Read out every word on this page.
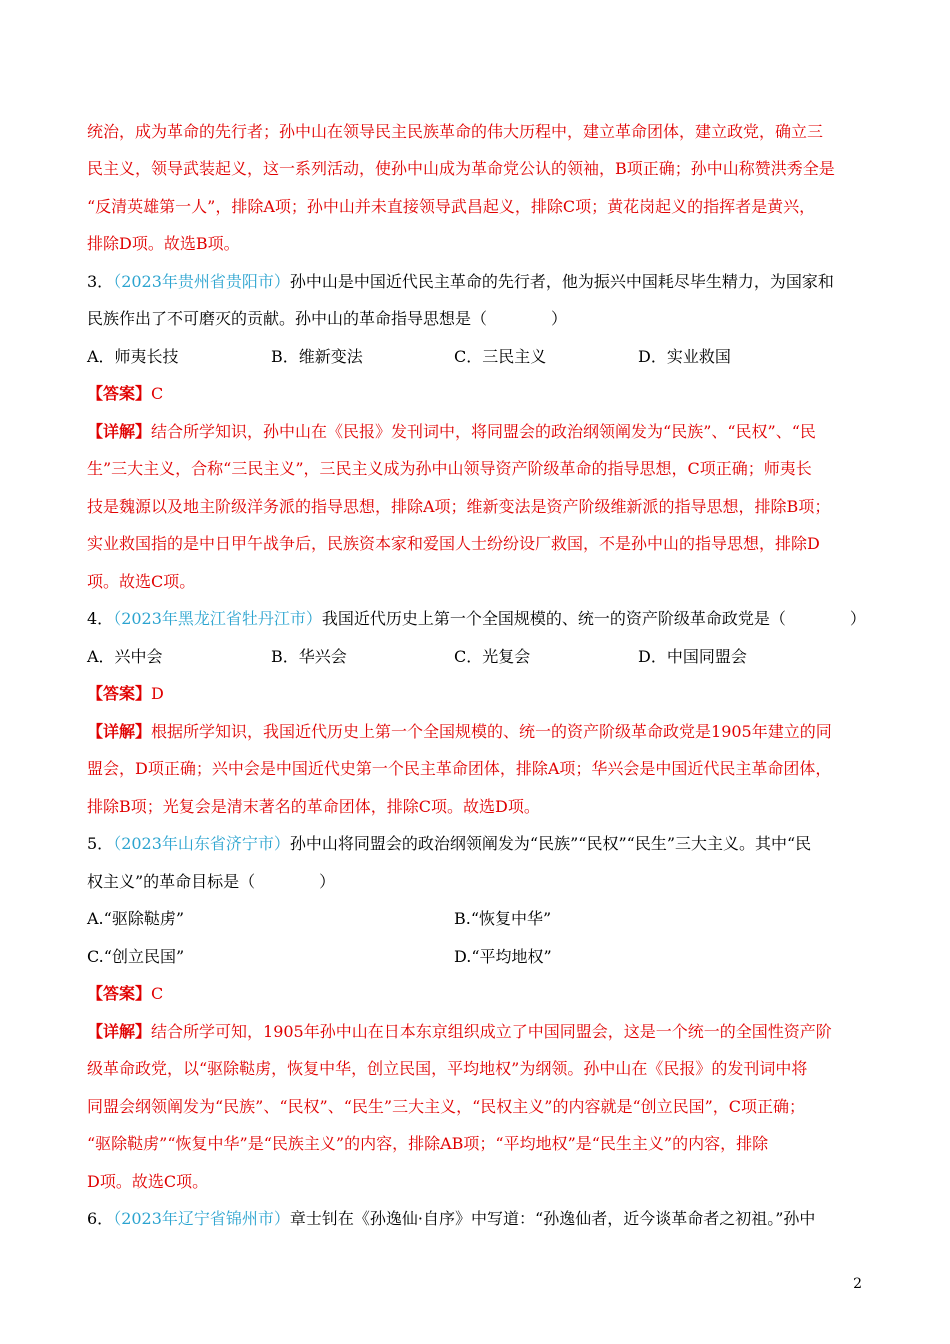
统治，成为革命的先行者；孙中山在领导民主民族革命的伟大历程中，建立革命团体，建立政党，确立三
民主义，领导武装起义，这一系列活动，使孙中山成为革命党公认的领袖，B项正确；孙中山称赞洪秀全是
“反清英雄第一人”，排除A项；孙中山并未直接领导武昌起义，排除C项；黄花岗起义的指挥者是黄兴，
排除D项。故选B项。
3．（2023年贵州省贵阳市）孙中山是中国近代民主革命的先行者，他为振兴中国耗尽毕生精力，为国家和
民族作出了不可磨灭的贡献。孙中山的革命指导思想是（　　　　）
A．师夷长技	B．维新变法	C．三民主义	D．实业救国
【答案】C
【详解】结合所学知识，孙中山在《民报》发刊词中，将同盟会的政治纲领阐发为“民族”、“民权”、“民
生”三大主义，合称“三民主义”，三民主义成为孙中山领导资产阶级革命的指导思想，C项正确；师夷长
技是魏源以及地主阶级洋务派的指导思想，排除A项；维新变法是资产阶级维新派的指导思想，排除B项；
实业救国指的是中日甲午战争后，民族资本家和爱国人士纷纷设厂救国，不是孙中山的指导思想，排除D
项。故选C项。
4．（2023年黑龙江省牡丹江市）我国近代历史上第一个全国规模的、统一的资产阶级革命政党是（　　　　）
A．兴中会	B．华兴会	C．光复会	D．中国同盟会
【答案】D
【详解】根据所学知识，我国近代历史上第一个全国规模的、统一的资产阶级革命政党是1905年建立的同
盟会，D项正确；兴中会是中国近代史第一个民主革命团体，排除A项；华兴会是中国近代民主革命团体，
排除B项；光复会是清末著名的革命团体，排除C项。故选D项。
5．（2023年山东省济宁市）孙中山将同盟会的政治纲领阐发为“民族”“民权”“民生”三大主义。其中“民
权主义”的革命目标是（　　　　）
A.“驱除鞑虏”	B.“恢复中华”
C.“创立民国”	D.“平均地权”
【答案】C
【详解】结合所学可知，1905年孙中山在日本东京组织成立了中国同盟会，这是一个统一的全国性资产阶
级革命政党，以“驱除鞑虏，恢复中华，创立民国，平均地权”为纲领。孙中山在《民报》的发刊词中将
同盟会纲领阐发为“民族”、“民权”、“民生”三大主义，“民权主义”的内容就是“创立民国”，C项正确；
“驱除鞑虏”“恢复中华”是“民族主义”的内容，排除AB项；“平均地权”是“民生主义”的内容，排除
D项。故选C项。
6．（2023年辽宁省锦州市）章士钊在《孙逸仙·自序》中写道：“孙逸仙者，近今谈革命者之初祖。”孙中
2
